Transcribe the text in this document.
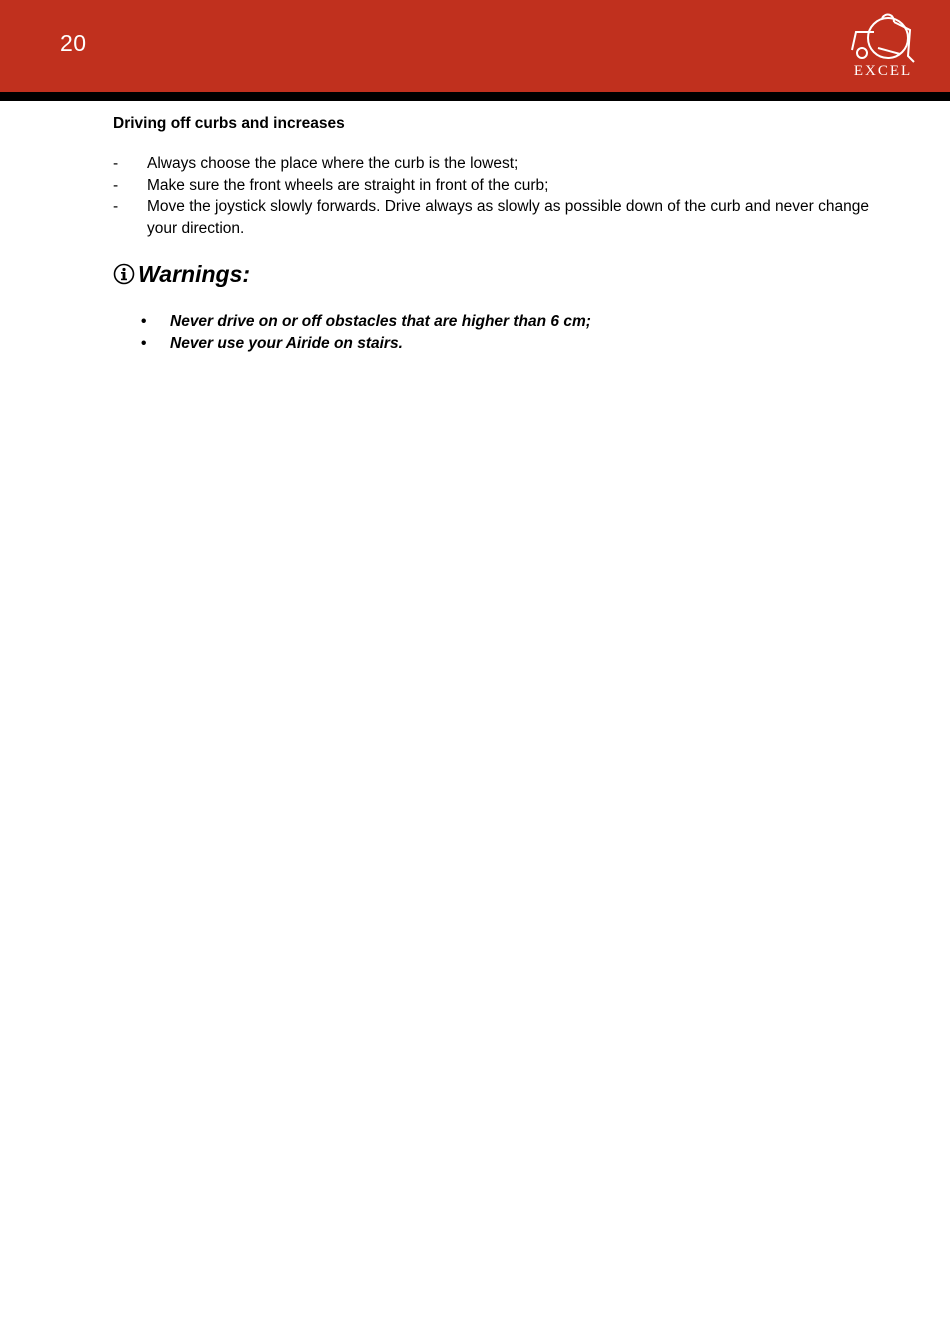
20
EXCEL
Driving off curbs and increases
- Always choose the place where the curb is the lowest;
- Make sure the front wheels are straight in front of the curb;
- Move the joystick slowly forwards. Drive always as slowly as possible down of the curb and never change your direction.
Warnings:
• Never drive on or off obstacles that are higher than 6 cm;
• Never use your Airide on stairs.
